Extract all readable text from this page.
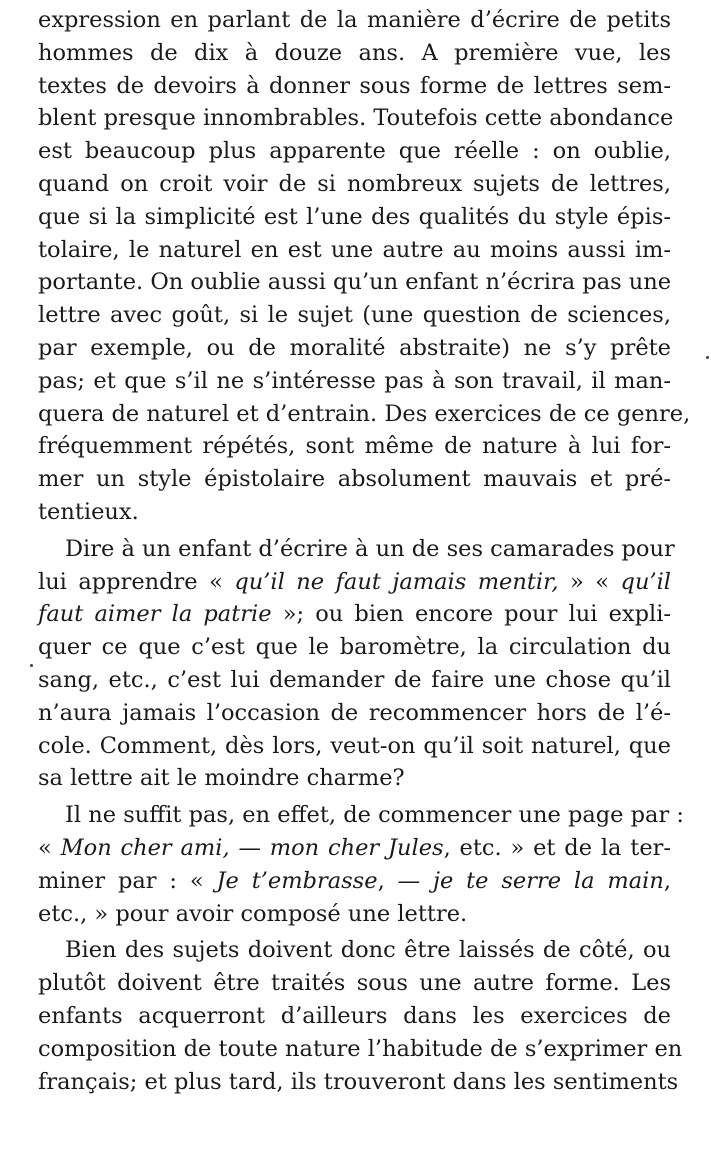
expression en parlant de la manière d’écrire de petits
hommes de dix à douze ans. A première vue, les
textes de devoirs à donner sous forme de lettres sem-
blent presque innombrables. Toutefois cette abondance
est beaucoup plus apparente que réelle : on oublie,
quand on croit voir de si nombreux sujets de lettres,
que si la simplicité est l’une des qualités du style épis-
tolaire, le naturel en est une autre au moins aussi im-
portante. On oublie aussi qu’un enfant n’écrira pas une
lettre avec goût, si le sujet (une question de sciences,
par exemple, ou de moralité abstraite) ne s’y prête
pas; et que s’il ne s’intéresse pas à son travail, il man-
quera de naturel et d’entrain. Des exercices de ce genre,
fréquemment répétés, sont même de nature à lui for-
mer un style épistolaire absolument mauvais et pré-
tentieux.
Dire à un enfant d’écrire à un de ses camarades pour
lui apprendre « qu’il ne faut jamais mentir, » « qu’il
faut aimer la patrie »; ou bien encore pour lui expli-
quer ce que c’est que le baromètre, la circulation du
sang, etc., c’est lui demander de faire une chose qu’il
n’aura jamais l’occasion de recommencer hors de l’é-
cole. Comment, dès lors, veut-on qu’il soit naturel, que
sa lettre ait le moindre charme?
Il ne suffit pas, en effet, de commencer une page par :
« Mon cher ami, — mon cher Jules, etc. » et de la ter-
miner par : « Je t’embrasse, — je te serre la main,
etc., » pour avoir composé une lettre.
Bien des sujets doivent donc être laissés de côté, ou
plutôt doivent être traités sous une autre forme. Les
enfants acquerront d’ailleurs dans les exercices de
composition de toute nature l’habitude de s’exprimer en
français; et plus tard, ils trouveront dans les sentiments
